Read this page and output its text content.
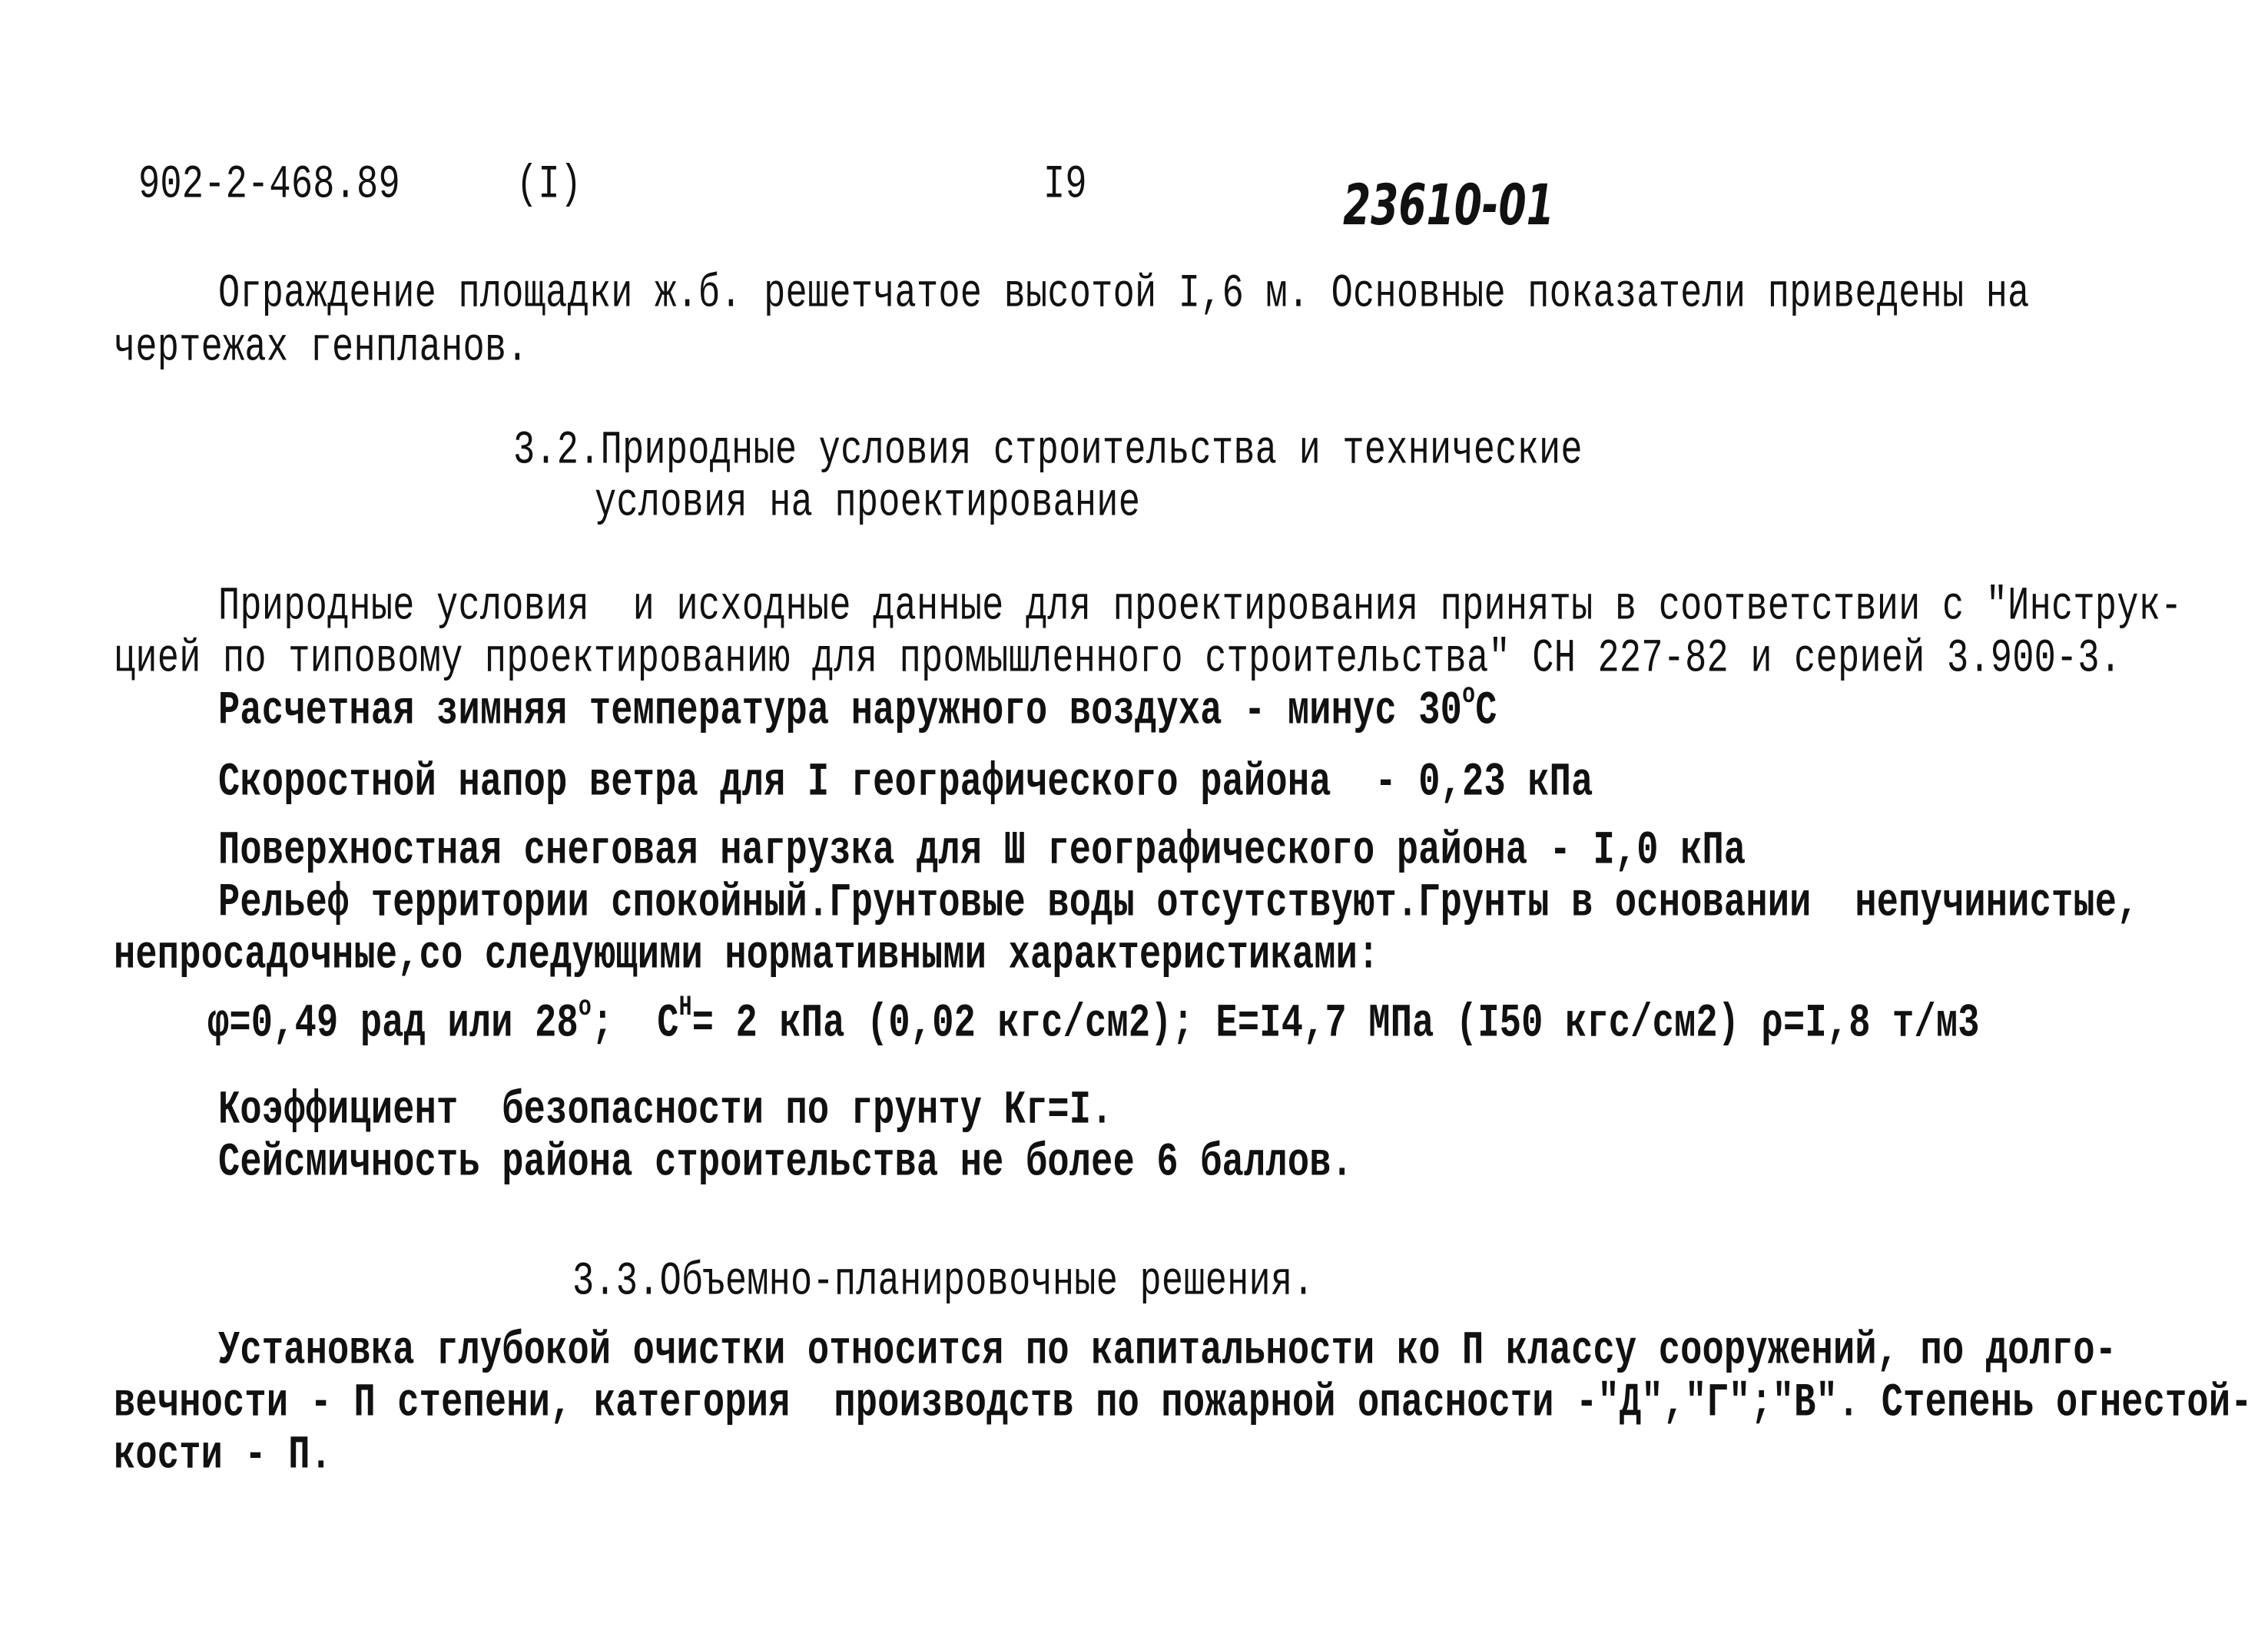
902-2-468.89	(I)	I9	23610-01
Ограждение площадки ж.б. решетчатое высотой I,6 м. Основные показатели приведены на
чертежах генпланов.
3.2.Природные условия строительства и технические
условия на проектирование
Природные условия  и исходные данные для проектирования приняты в соответствии с "Инструк-
цией по типовому проектированию для промышленного строительства" СН 227-82 и серией 3.900-3.
Расчетная зимняя температура наружного воздуха - минус $30^оС$
Скоростной напор ветра для I географического района  - 0,23 кПа
Поверхностная снеговая нагрузка для Ш географического района - I,0 кПа
Рельеф территории спокойный.Грунтовые воды отсутствуют.Грунты в основании  непучинистые,
непросадочные,со следующими нормативными характеристиками:
φ=0,49 рад или $28^о$;  $С^Н= 2$ кПа (0,02 кгс/см2); Е=I4,7 МПа (I50 кгс/см2) ρ=I,8 т/м3
Коэффициент  безопасности по грунту Кг=I.
Сейсмичность района строительства не более 6 баллов.
3.3.Объемно-планировочные решения.
Установка глубокой очистки относится по капитальности ко П классу сооружений, по долго-
вечности - П степени, категория  производств по пожарной опасности -"Д","Г";"В". Степень огнестой-
кости - П.
